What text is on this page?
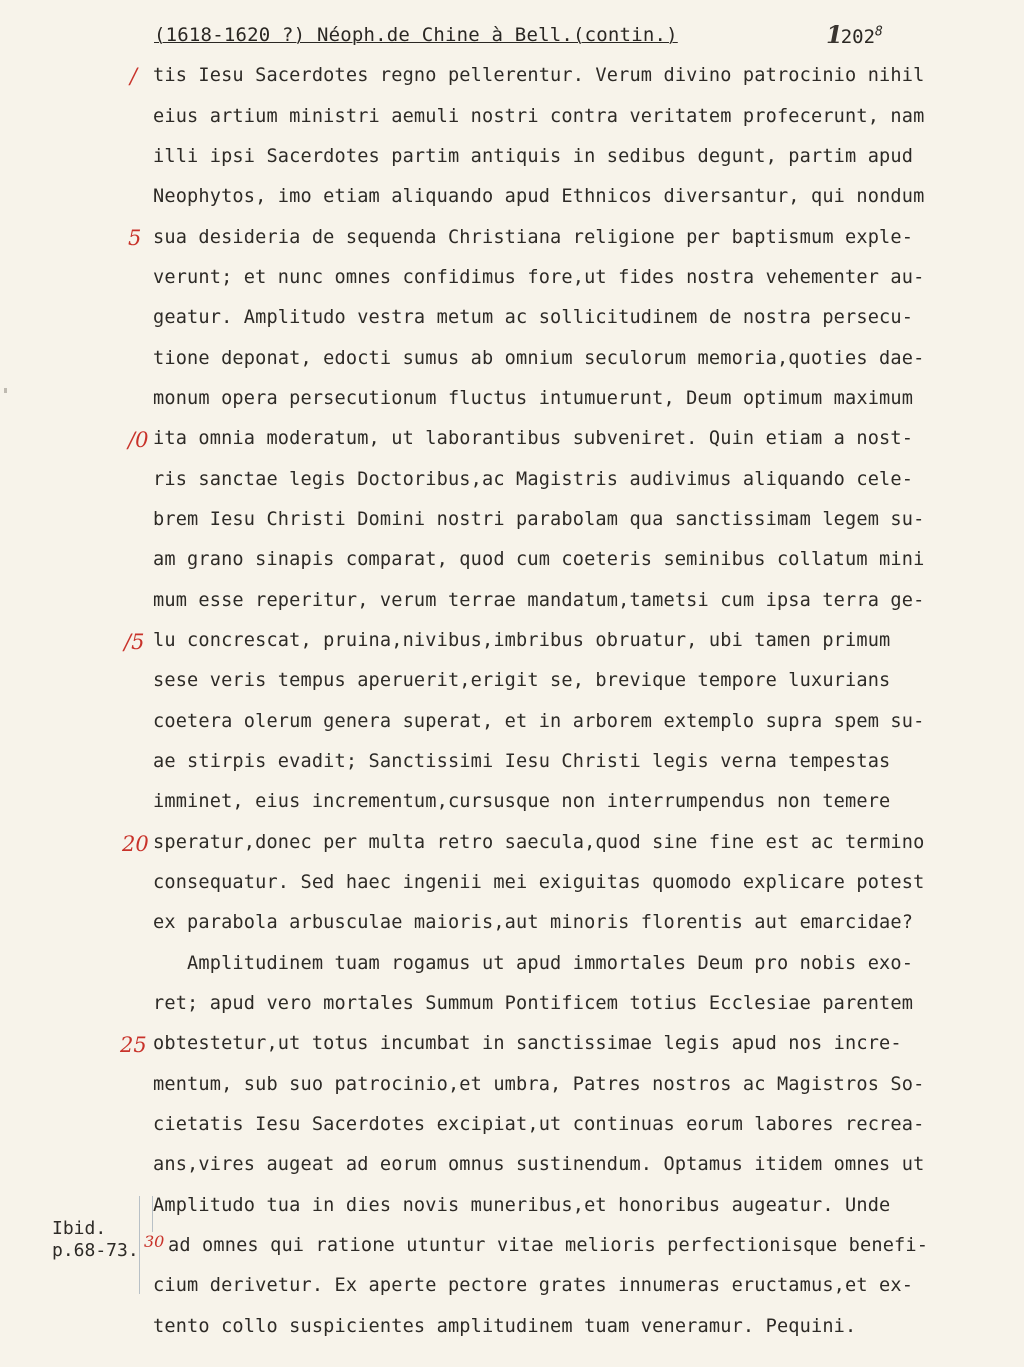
(1618-1620 ?) Néoph.de Chine à Bell.(contin.)	1202$^8$
tis Iesu Sacerdotes regno pellerentur. Verum divino patrocinio nihil
eius artium ministri aemuli nostri contra veritatem profecerunt, nam
illi ipsi Sacerdotes partim antiquis in sedibus degunt, partim apud
Neophytos, imo etiam aliquando apud Ethnicos diversantur, qui nondum
sua desideria de sequenda Christiana religione per baptismum exple-
verunt; et nunc omnes confidimus fore,ut fides nostra vehementer au-
geatur. Amplitudo vestra metum ac sollicitudinem de nostra persecu-
tione deponat, edocti sumus ab omnium seculorum memoria,quoties dae-
monum opera persecutionum fluctus intumuerunt, Deum optimum maximum
ita omnia moderatum, ut laborantibus subveniret. Quin etiam a nost-
ris sanctae legis Doctoribus,ac Magistris audivimus aliquando cele-
brem Iesu Christi Domini nostri parabolam qua sanctissimam legem su-
am grano sinapis comparat, quod cum coeteris seminibus collatum mini
mum esse reperitur, verum terrae mandatum,tametsi cum ipsa terra ge-
lu concrescat, pruina,nivibus,imbribus obruatur, ubi tamen primum
sese veris tempus aperuerit,erigit se, brevique tempore luxurians
coetera olerum genera superat, et in arborem extemplo supra spem su-
ae stirpis evadit; Sanctissimi Iesu Christi legis verna tempestas
imminet, eius incrementum,cursusque non interrumpendus non temere
speratur,donec per multa retro saecula,quod sine fine est ac termino
consequatur. Sed haec ingenii mei exiguitas quomodo explicare potest
ex parabola arbusculae maioris,aut minoris florentis aut emarcidae?
Amplitudinem tuam rogamus ut apud immortales Deum pro nobis exo-
ret; apud vero mortales Summum Pontificem totius Ecclesiae parentem
obtestetur,ut totus incumbat in sanctissimae legis apud nos incre-
mentum, sub suo patrocinio,et umbra, Patres nostros ac Magistros So-
cietatis Iesu Sacerdotes excipiat,ut continuas eorum labores recrea-
ans,vires augeat ad eorum omnus sustinendum. Optamus itidem omnes ut
Amplitudo tua in dies novis muneribus,et honoribus augeatur. Unde
ad omnes qui ratione utuntur vitae melioris perfectionisque benefi-
cium derivetur. Ex aperte pectore grates innumeras eructamus,et ex-
tento collo suspicientes amplitudinem tuam veneramur. Pequini.
/
5
/0
/5
20
25
30
Ibid.
p.68-73.
